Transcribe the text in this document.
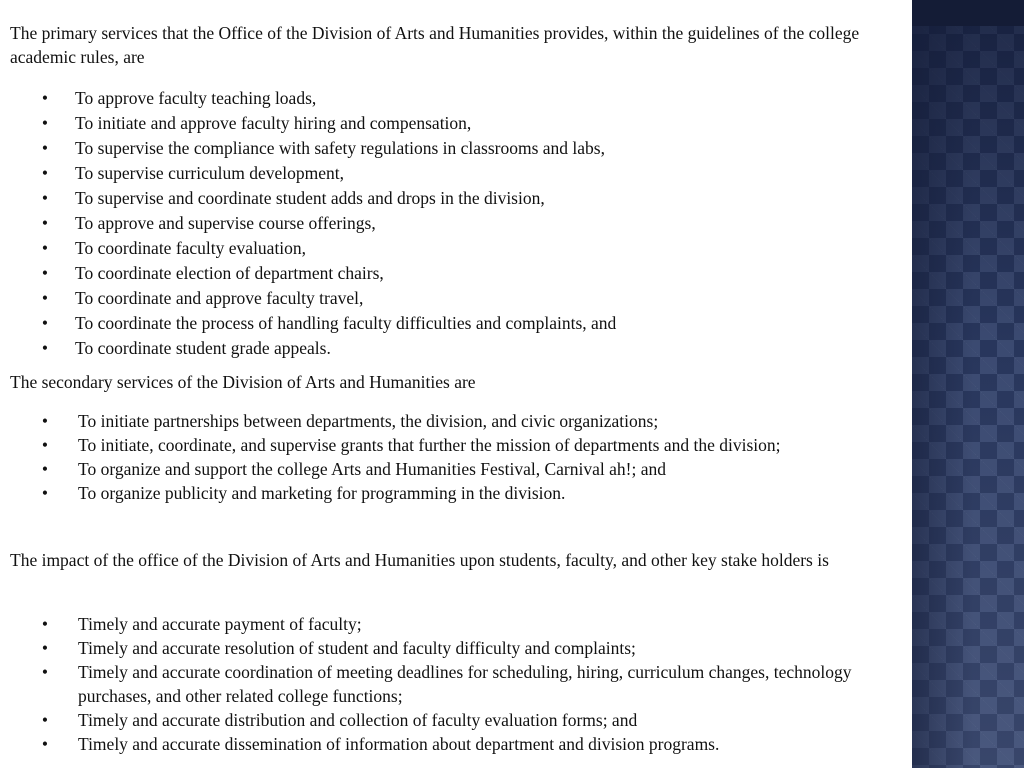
The primary services that the Office of the Division of Arts and Humanities provides, within the guidelines of the college academic rules, are

• To approve faculty teaching loads,
• To initiate and approve faculty hiring and compensation,
• To supervise the compliance with safety regulations in classrooms and labs,
• To supervise curriculum development,
• To supervise and coordinate student adds and drops in the division,
• To approve and supervise course offerings,
• To coordinate faculty evaluation,
• To coordinate election of department chairs,
• To coordinate and approve faculty travel,
• To coordinate the process of handling faculty difficulties and complaints, and
• To coordinate student grade appeals.

The secondary services of the Division of Arts and Humanities are

• To initiate partnerships between departments, the division, and civic organizations;
• To initiate, coordinate, and supervise grants that further the mission of departments and the division;
• To organize and support the college Arts and Humanities Festival, Carnival ah!; and
• To organize publicity and marketing for programming in the division.

The impact of the office of the Division of Arts and Humanities upon students, faculty, and other key stake holders is

• Timely and accurate payment of faculty;
• Timely and accurate resolution of student and faculty difficulty and complaints;
• Timely and accurate coordination of meeting deadlines for scheduling, hiring, curriculum changes, technology purchases, and other related college functions;
• Timely and accurate distribution and collection of faculty evaluation forms; and
• Timely and accurate dissemination of information about department and division programs.
